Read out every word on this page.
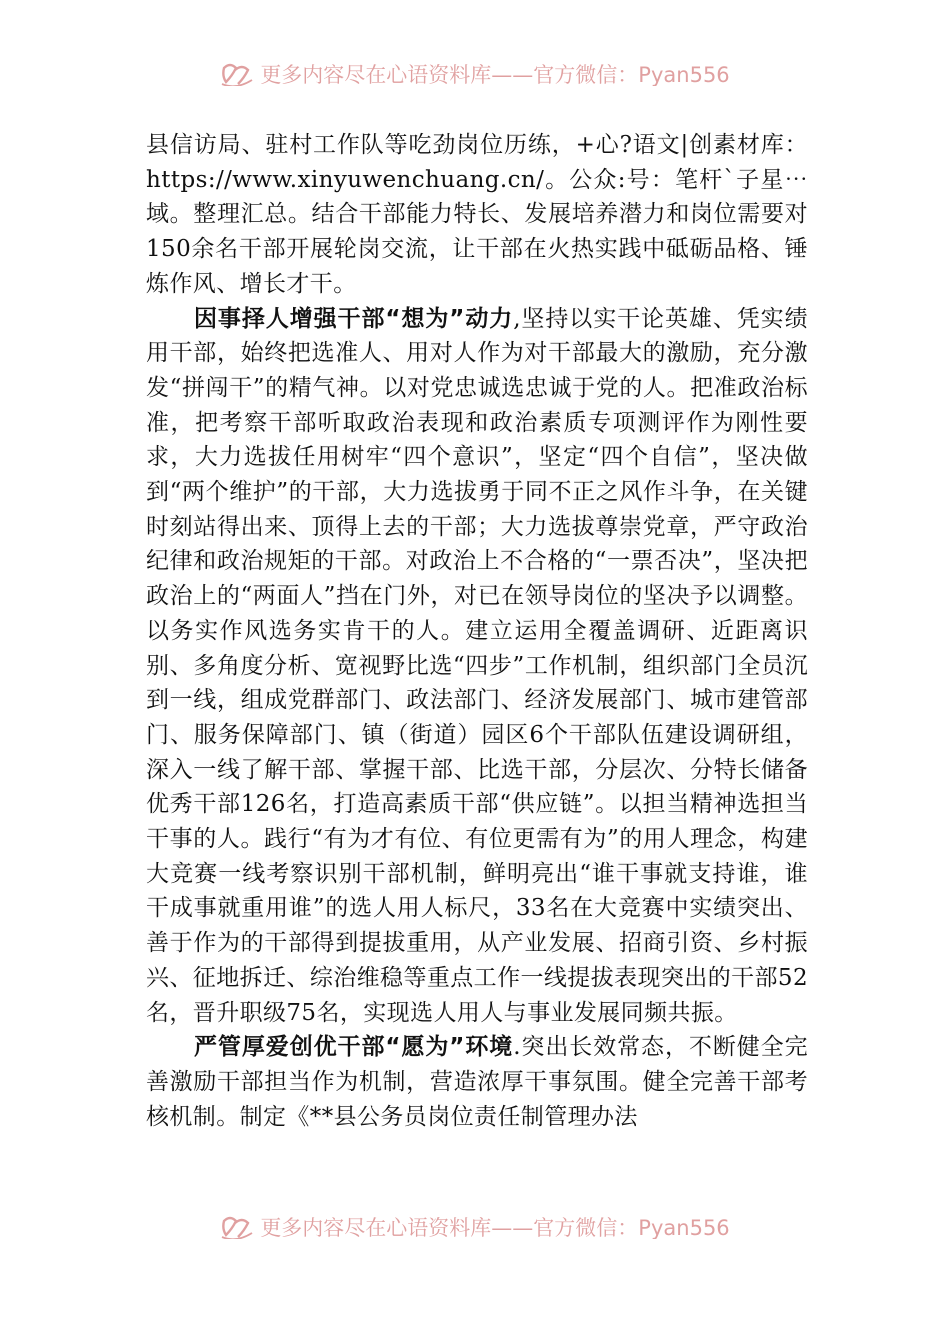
更多内容尽在心语资料库——官方微信：Pyan556

县信访局、驻村工作队等吃劲岗位历练，+心?语文|创素材库：https://www.xinyuwenchuang.cn/。公众:号：笔杆`子星⋯域。整理汇总。结合干部能力特长、发展培养潜力和岗位需要对150余名干部开展轮岗交流，让干部在火热实践中砥砺品格、锤炼作风、增长才干。

因事择人增强干部“想为”动力,坚持以实干论英雄、凭实绩用干部，始终把选准人、用对人作为对干部最大的激励，充分激发“拼闯干”的精气神。以对党忠诚选忠诚于党的人。把准政治标准，把考察干部听取政治表现和政治素质专项测评作为刚性要求，大力选拔任用树牢“四个意识”，坚定“四个自信”，坚决做到“两个维护”的干部，大力选拔勇于同不正之风作斗争，在关键时刻站得出来、顶得上去的干部；大力选拔尊崇党章，严守政治纪律和政治规矩的干部。对政治上不合格的“一票否决”，坚决把政治上的“两面人”挡在门外，对已在领导岗位的坚决予以调整。以务实作风选务实肯干的人。建立运用全覆盖调研、近距离识别、多角度分析、宽视野比选“四步”工作机制，组织部门全员沉到一线，组成党群部门、政法部门、经济发展部门、城市建管部门、服务保障部门、镇（街道）园区6个干部队伍建设调研组，深入一线了解干部、掌握干部、比选干部，分层次、分特长储备优秀干部126名，打造高素质干部“供应链”。以担当精神选担当干事的人。践行“有为才有位、有位更需有为”的用人理念，构建大竞赛一线考察识别干部机制，鲜明亮出“谁干事就支持谁，谁干成事就重用谁”的选人用人标尺，33名在大竞赛中实绩突出、善于作为的干部得到提拔重用，从产业发展、招商引资、乡村振兴、征地拆迁、综治维稳等重点工作一线提拔表现突出的干部52名，晋升职级75名，实现选人用人与事业发展同频共振。

严管厚爱创优干部“愿为”环境.突出长效常态，不断健全完善激励干部担当作为机制，营造浓厚干事氛围。健全完善干部考核机制。制定《**县公务员岗位责任制管理办法

更多内容尽在心语资料库——官方微信：Pyan556
